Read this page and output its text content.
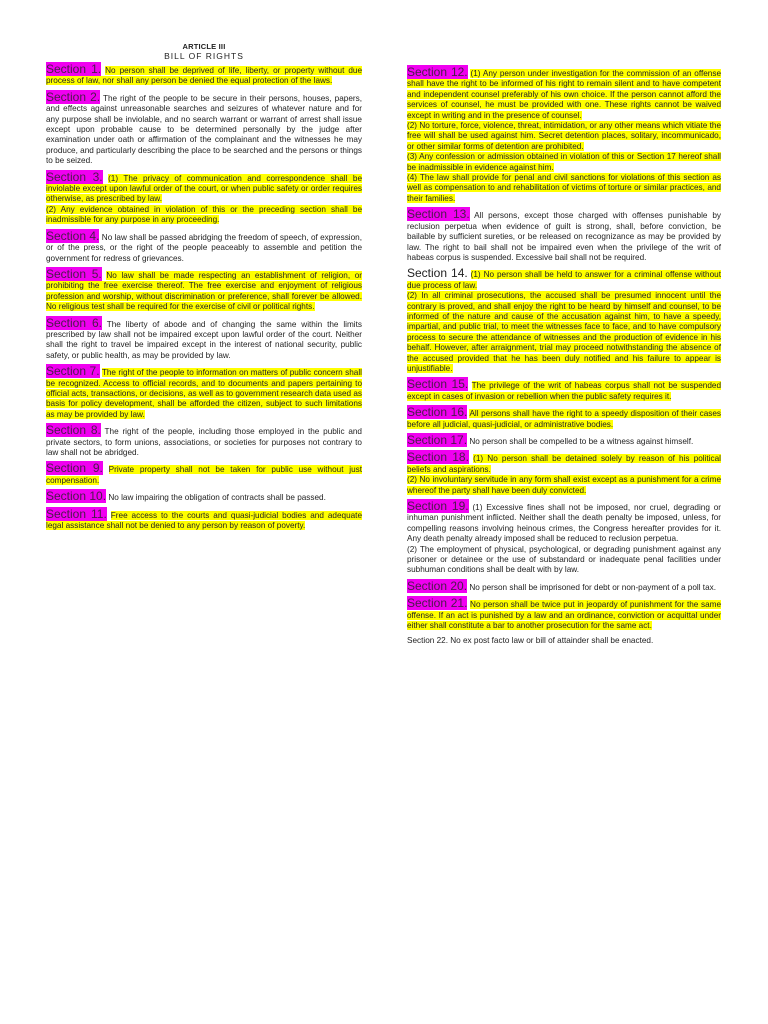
ARTICLE III
BILL OF RIGHTS

Section 1. No person shall be deprived of life, liberty, or property without due process of law, nor shall any person be denied the equal protection of the laws.

Section 2. The right of the people to be secure in their persons, houses, papers, and effects against unreasonable searches and seizures of whatever nature and for any purpose shall be inviolable, and no search warrant or warrant of arrest shall issue except upon probable cause to be determined personally by the judge after examination under oath or affirmation of the complainant and the witnesses he may produce, and particularly describing the place to be searched and the persons or things to be seized.

Section 3. (1) The privacy of communication and correspondence shall be inviolable except upon lawful order of the court, or when public safety or order requires otherwise, as prescribed by law.

(2) Any evidence obtained in violation of this or the preceding section shall be inadmissible for any purpose in any proceeding.

Section 4. No law shall be passed abridging the freedom of speech, of expression, or of the press, or the right of the people peaceably to assemble and petition the government for redress of grievances.

Section 5. No law shall be made respecting an establishment of religion, or prohibiting the free exercise thereof. The free exercise and enjoyment of religious profession and worship, without discrimination or preference, shall forever be allowed. No religious test shall be required for the exercise of civil or political rights.

Section 6. The liberty of abode and of changing the same within the limits prescribed by law shall not be impaired except upon lawful order of the court. Neither shall the right to travel be impaired except in the interest of national security, public safety, or public health, as may be provided by law.

Section 7. The right of the people to information on matters of public concern shall be recognized. Access to official records, and to documents and papers pertaining to official acts, transactions, or decisions, as well as to government research data used as basis for policy development, shall be afforded the citizen, subject to such limitations as may be provided by law.

Section 8. The right of the people, including those employed in the public and private sectors, to form unions, associations, or societies for purposes not contrary to law shall not be abridged.

Section 9. Private property shall not be taken for public use without just compensation.

Section 10. No law impairing the obligation of contracts shall be passed.

Section 11. Free access to the courts and quasi-judicial bodies and adequate legal assistance shall not be denied to any person by reason of poverty.

Section 12. (1) Any person under investigation for the commission of an offense shall have the right to be informed of his right to remain silent and to have competent and independent counsel preferably of his own choice. If the person cannot afford the services of counsel, he must be provided with one. These rights cannot be waived except in writing and in the presence of counsel.

(2) No torture, force, violence, threat, intimidation, or any other means which vitiate the free will shall be used against him. Secret detention places, solitary, incommunicado, or other similar forms of detention are prohibited.

(3) Any confession or admission obtained in violation of this or Section 17 hereof shall be inadmissible in evidence against him.

(4) The law shall provide for penal and civil sanctions for violations of this section as well as compensation to and rehabilitation of victims of torture or similar practices, and their families.

Section 13. All persons, except those charged with offenses punishable by reclusion perpetua when evidence of guilt is strong, shall, before conviction, be bailable by sufficient sureties, or be released on recognizance as may be provided by law. The right to bail shall not be impaired even when the privilege of the writ of habeas corpus is suspended. Excessive bail shall not be required.

Section 14. (1) No person shall be held to answer for a criminal offense without due process of law.

(2) In all criminal prosecutions, the accused shall be presumed innocent until the contrary is proved, and shall enjoy the right to be heard by himself and counsel, to be informed of the nature and cause of the accusation against him, to have a speedy, impartial, and public trial, to meet the witnesses face to face, and to have compulsory process to secure the attendance of witnesses and the production of evidence in his behalf. However, after arraignment, trial may proceed notwithstanding the absence of the accused provided that he has been duly notified and his failure to appear is unjustifiable.

Section 15. The privilege of the writ of habeas corpus shall not be suspended except in cases of invasion or rebellion when the public safety requires it.

Section 16. All persons shall have the right to a speedy disposition of their cases before all judicial, quasi-judicial, or administrative bodies.

Section 17. No person shall be compelled to be a witness against himself.

Section 18. (1) No person shall be detained solely by reason of his political beliefs and aspirations.

(2) No involuntary servitude in any form shall exist except as a punishment for a crime whereof the party shall have been duly convicted.

Section 19. (1) Excessive fines shall not be imposed, nor cruel, degrading or inhuman punishment inflicted. Neither shall the death penalty be imposed, unless, for compelling reasons involving heinous crimes, the Congress hereafter provides for it. Any death penalty already imposed shall be reduced to reclusion perpetua.

(2) The employment of physical, psychological, or degrading punishment against any prisoner or detainee or the use of substandard or inadequate penal facilities under subhuman conditions shall be dealt with by law.

Section 20. No person shall be imprisoned for debt or non-payment of a poll tax.

Section 21. No person shall be twice put in jeopardy of punishment for the same offense. If an act is punished by a law and an ordinance, conviction or acquittal under either shall constitute a bar to another prosecution for the same act.

Section 22. No ex post facto law or bill of attainder shall be enacted.
